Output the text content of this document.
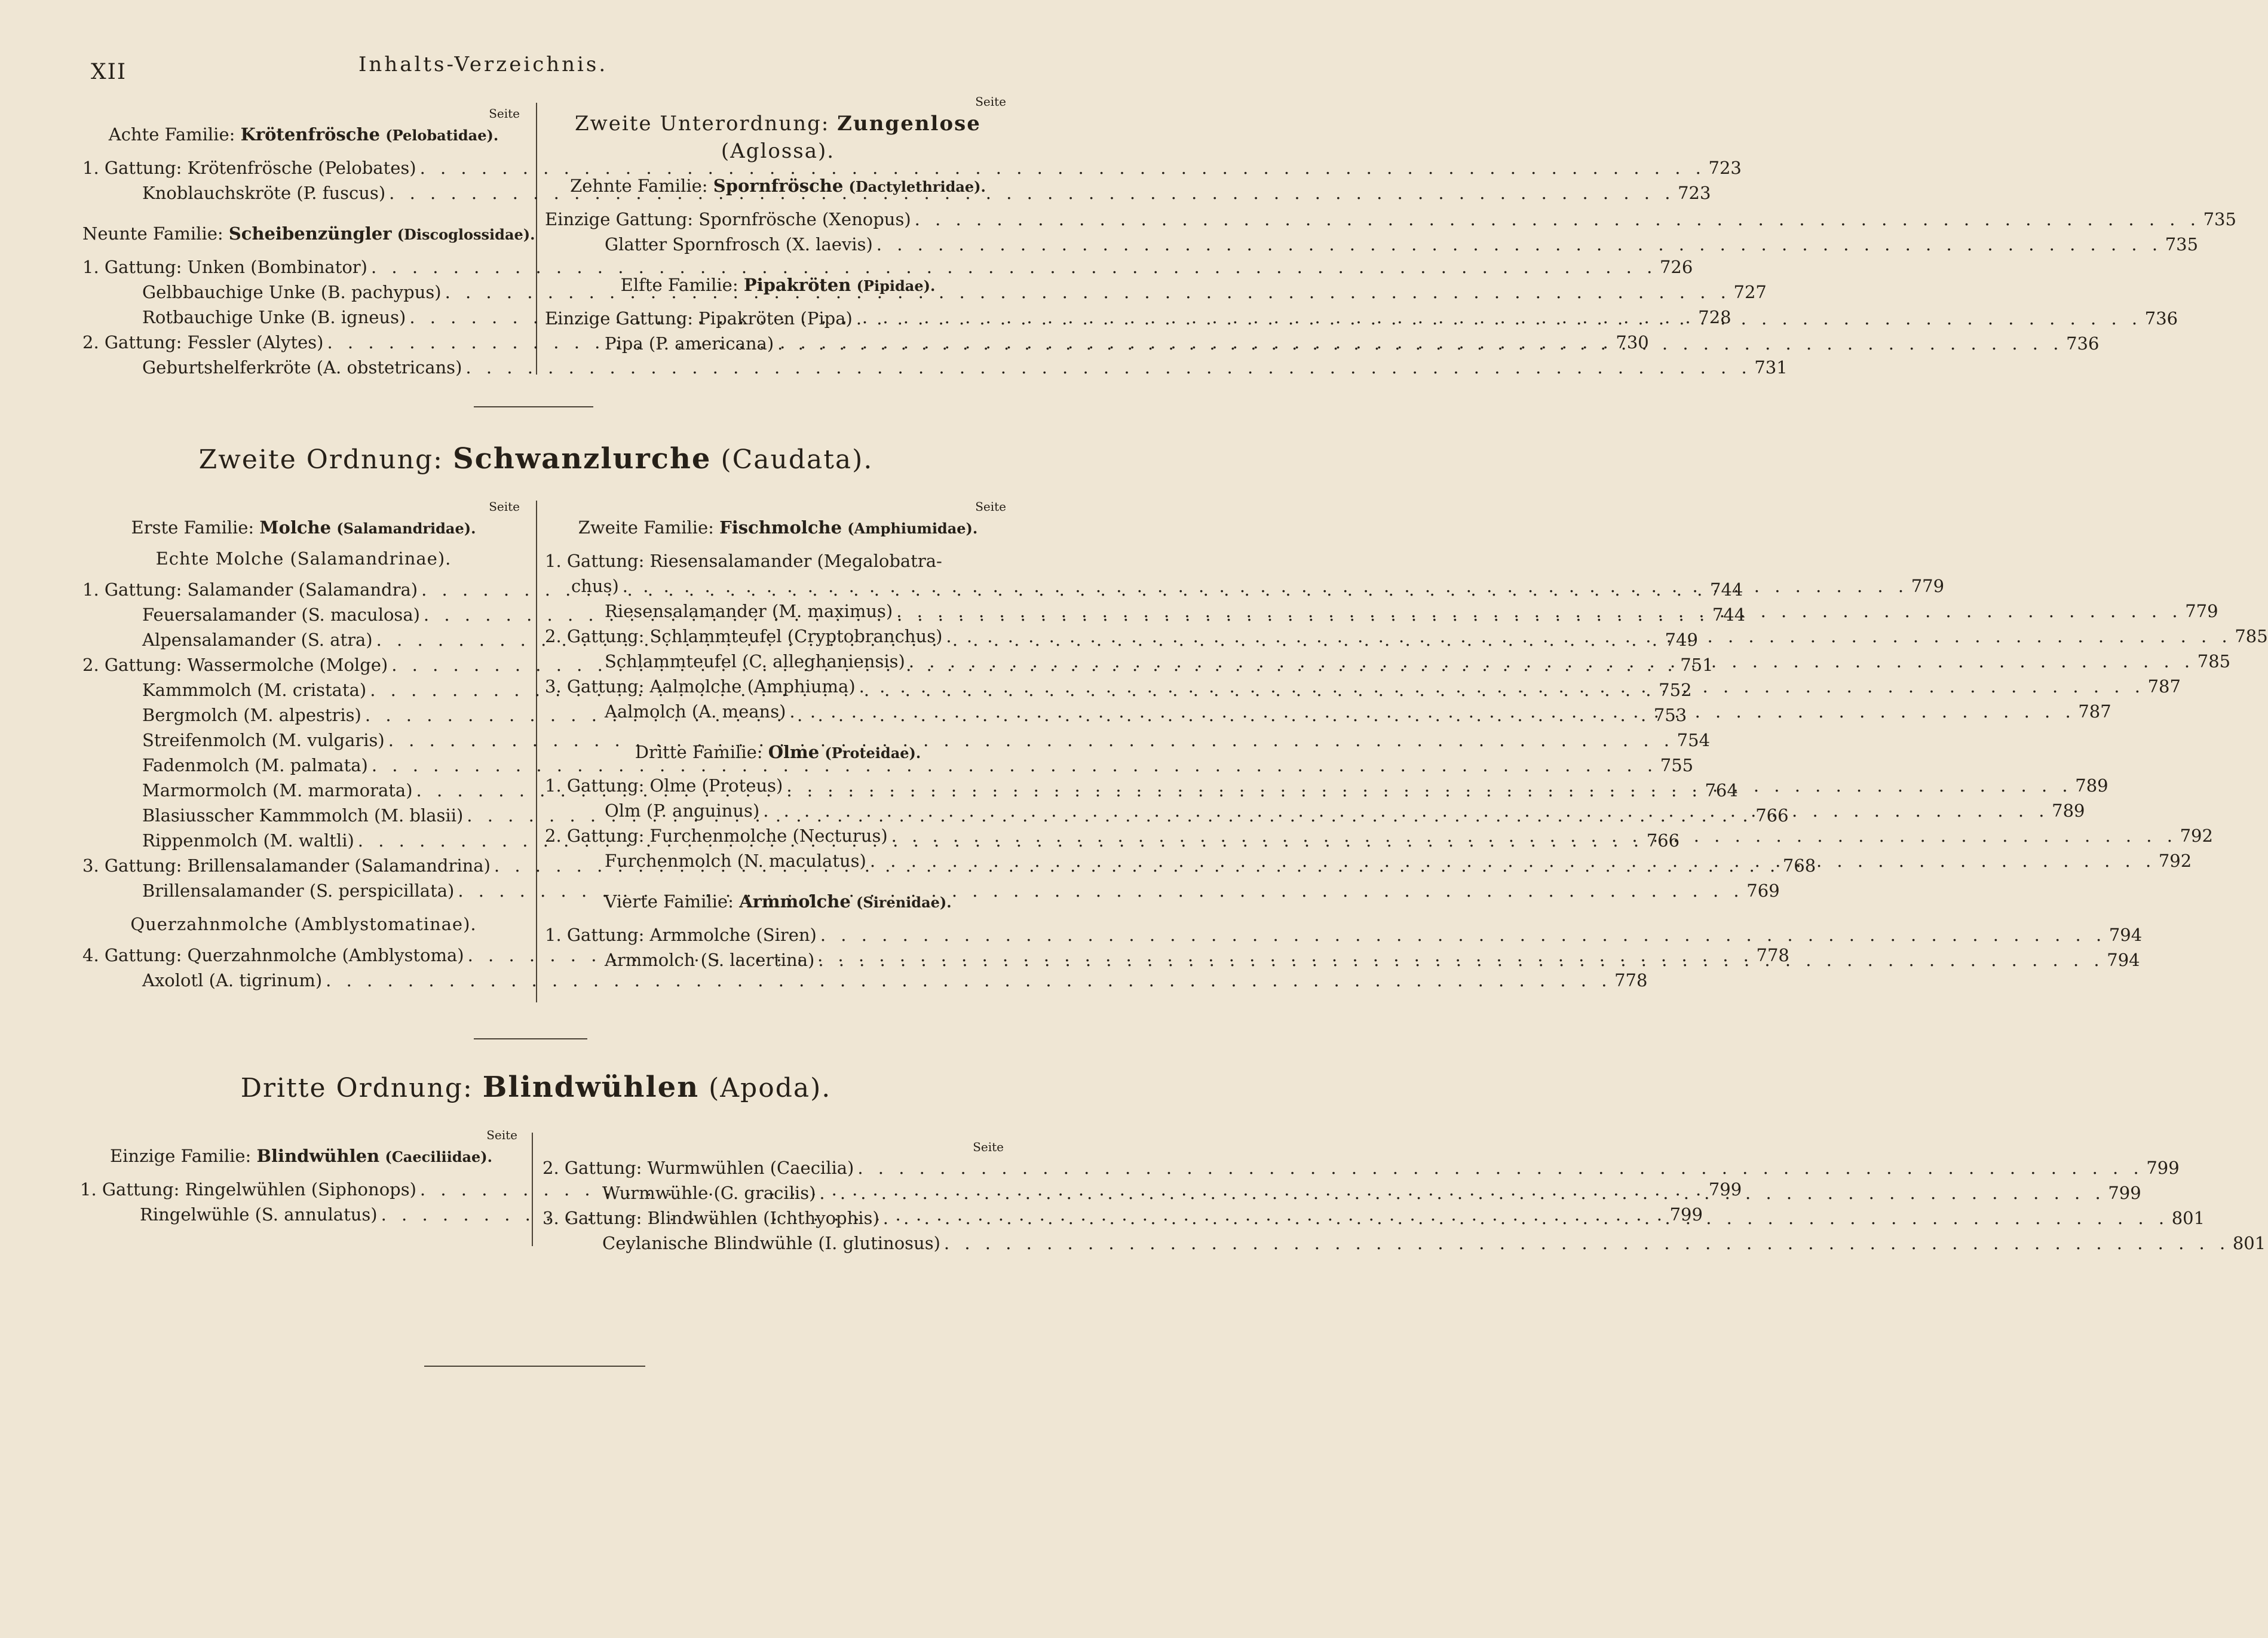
XII	Inhalts-Verzeichnis.
Seite
Achte Familie: Krötenfrösche (Pelobatidae).
1. Gattung: Krötenfrösche (Pelobates) . . .	723
Knoblauchskröte (P. fuscus) . . .	723
Neunte Familie: Scheibenzüngler (Discoglossidae).
1. Gattung: Unken (Bombinator) . . .	726
Gelbbauchige Unke (B. pachypus) . . .	727
Rotbauchige Unke (B. igneus) . . .	728
2. Gattung: Fessler (Alytes) . . .	730
Geburtshelferkröte (A. obstetricans) . . .	731
Seite
Zweite Unterordnung: Zungenlose
(Aglossa).
Zehnte Familie: Spornfrösche (Dactylethridae).
Einzige Gattung: Spornfrösche (Xenopus) . . .	735
Glatter Spornfrosch (X. laevis) . . .	735
Elfte Familie: Pipakröten (Pipidae).
Einzige Gattung: Pipakröten (Pipa) . . .	736
Pipa (P. americana) . . .	736
Zweite Ordnung: Schwanzlurche (Caudata).
Seite
Erste Familie: Molche (Salamandridae).
Echte Molche (Salamandrinae).
1. Gattung: Salamander (Salamandra) . . .	744
Feuersalamander (S. maculosa) . . .	744
Alpensalamander (S. atra) . . .	749
2. Gattung: Wassermolche (Molge) . . .	751
Kammmolch (M. cristata) . . .	752
Bergmolch (M. alpestris) . . .	753
Streifenmolch (M. vulgaris) . . .	754
Fadenmolch (M. palmata) . . .	755
Marmormolch (M. marmorata) . . .	764
Blasiusscher Kammmolch (M. blasii) . . .	766
Rippenmolch (M. waltli) . . .	766
3. Gattung: Brillensalamander (Salamandrina) . . .	768
Brillensalamander (S. perspicillata) . . .	769
Querzahnmolche (Amblystomatinae).
4. Gattung: Querzahnmolche (Amblystoma) . . .	778
Axolotl (A. tigrinum) . . .	778
Seite
Zweite Familie: Fischmolche (Amphiumidae).
1. Gattung: Riesensalamander (Megalobatra-
chus) . . .	779
Riesensalamander (M. maximus) . . .	779
2. Gattung: Schlammteufel (Cryptobranchus) . . .	785
Schlammteufel (C. alleghaniensis) . . .	785
3. Gattung: Aalmolche (Amphiuma) . . .	787
Aalmolch (A. means) . . .	787
Dritte Familie: Olme (Proteidae).
1. Gattung: Olme (Proteus) . . .	789
Olm (P. anguinus) . . .	789
2. Gattung: Furchenmolche (Necturus) . . .	792
Furchenmolch (N. maculatus) . . .	792
Vierte Familie: Armmolche (Sirenidae).
1. Gattung: Armmolche (Siren) . . .	794
Armmolch (S. lacertina) . . .	794
Dritte Ordnung: Blindwühlen (Apoda).
Seite
Einzige Familie: Blindwühlen (Caeciliidae).
1. Gattung: Ringelwühlen (Siphonops) . . .	799
Ringelwühle (S. annulatus) . . .	799
Seite
2. Gattung: Wurmwühlen (Caecilia) . . .	799
Wurmwühle (C. gracilis) . . .	799
3. Gattung: Blindwühlen (Ichthyophis) . . .	801
Ceylanische Blindwühle (I. glutinosus) . . .	801
